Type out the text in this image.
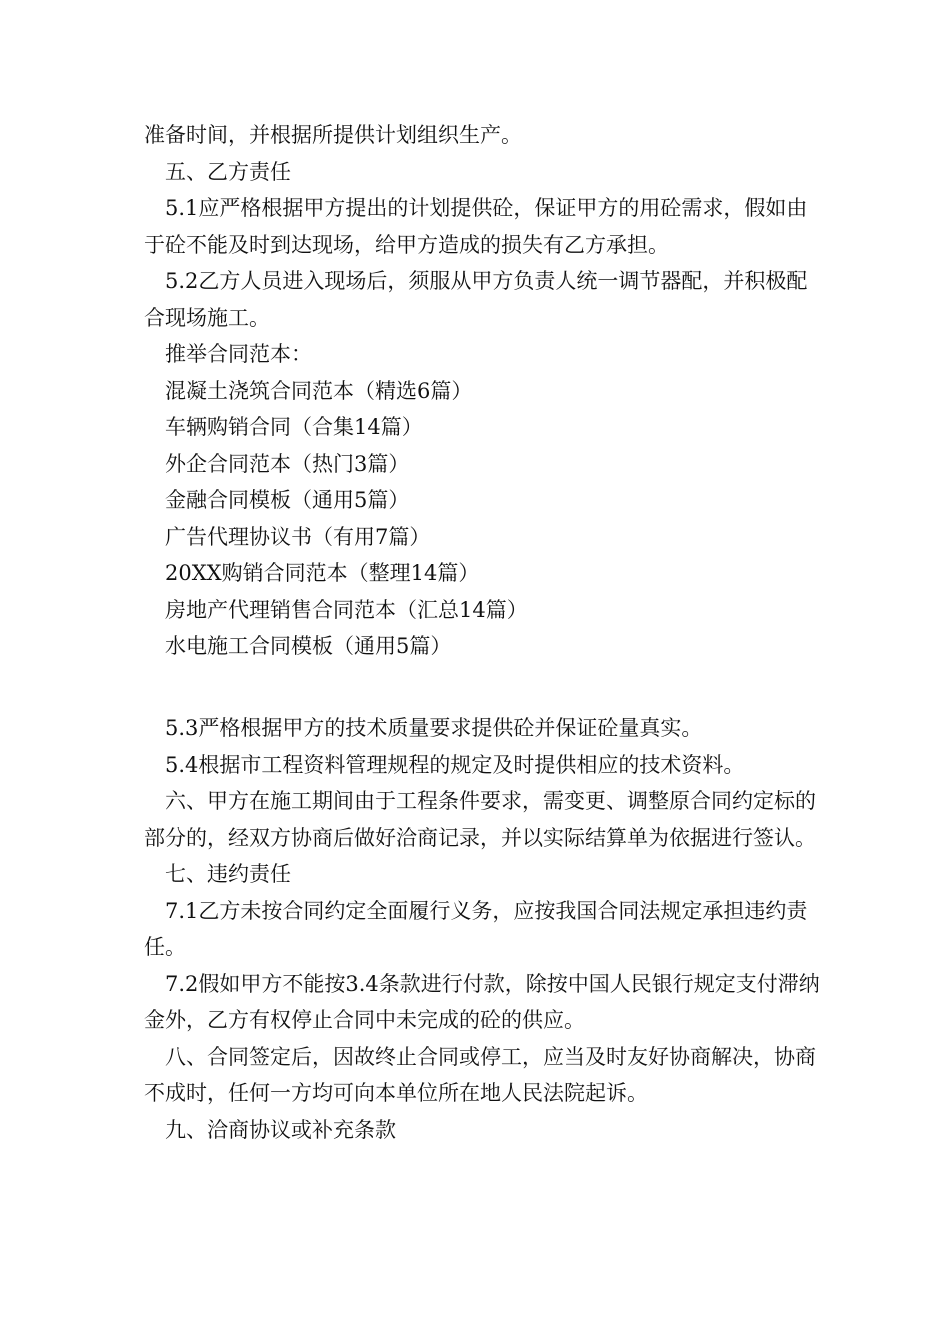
准备时间，并根据所提供计划组织生产。

五、乙方责任

5.1应严格根据甲方提出的计划提供砼，保证甲方的用砼需求，假如由于砼不能及时到达现场，给甲方造成的损失有乙方承担。

5.2乙方人员进入现场后，须服从甲方负责人统一调节器配，并积极配合现场施工。

推举合同范本：

混凝土浇筑合同范本（精选6篇）

车辆购销合同（合集14篇）

外企合同范本（热门3篇）

金融合同模板（通用5篇）

广告代理协议书（有用7篇）

20XX购销合同范本（整理14篇）

房地产代理销售合同范本（汇总14篇）

水电施工合同模板（通用5篇）

5.3严格根据甲方的技术质量要求提供砼并保证砼量真实。

5.4根据市工程资料管理规程的规定及时提供相应的技术资料。

六、甲方在施工期间由于工程条件要求，需变更、调整原合同约定标的部分的，经双方协商后做好洽商记录，并以实际结算单为依据进行签认。

七、违约责任

7.1乙方未按合同约定全面履行义务，应按我国合同法规定承担违约责任。

7.2假如甲方不能按3.4条款进行付款，除按中国人民银行规定支付滞纳金外，乙方有权停止合同中未完成的砼的供应。

八、合同签定后，因故终止合同或停工，应当及时友好协商解决，协商不成时，任何一方均可向本单位所在地人民法院起诉。

九、洽商协议或补充条款
